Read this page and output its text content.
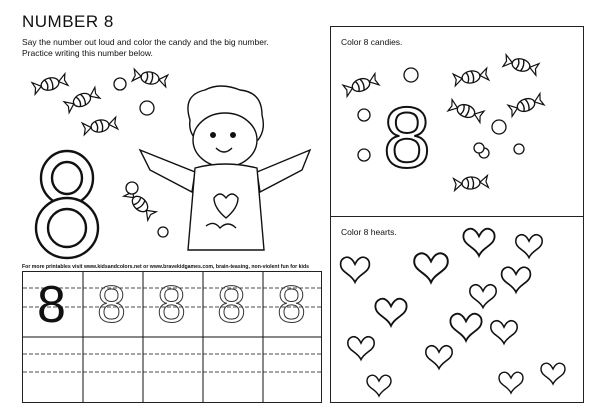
NUMBER 8
Say the number out loud and color the candy and the big number.
Practice writing this number below.
For more printables visit www.kidsandcolors.net or www.bravekidgames.com, brain-teasing, non-violent fun for kids
8 8 8 8 8
Color 8 candies.
8
Color 8 hearts.
